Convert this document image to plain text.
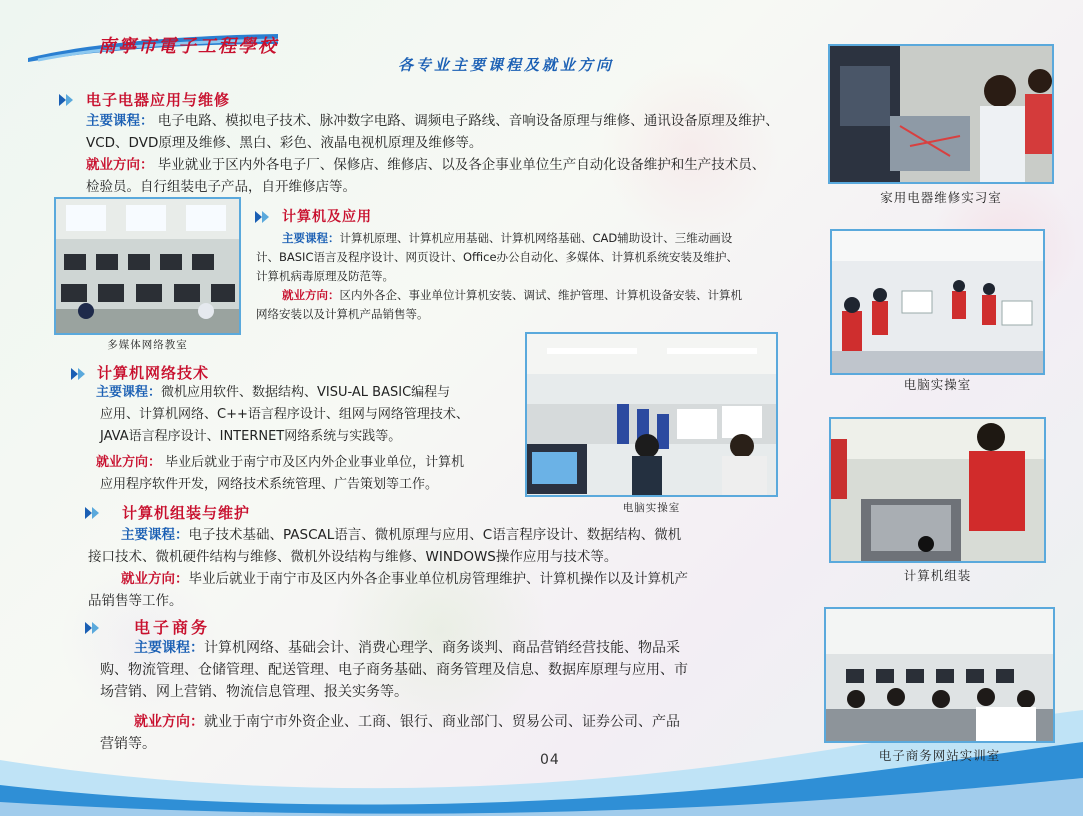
南寧市電子工程學校
各专业主要课程及就业方向
电子电器应用与维修
主要课程： 电子电路、模拟电子技术、脉冲数字电路、调频电子路线、音响设备原理与维修、通讯设备原理及维护、
VCD、DVD原理及维修、黑白、彩色、液晶电视机原理及维修等。
就业方向： 毕业就业于区内外各电子厂、保修店、维修店、以及各企事业单位生产自动化设备维护和生产技术员、
检验员。自行组装电子产品，自开维修店等。
多媒体网络教室
计算机及应用
主要课程：计算机原理、计算机应用基础、计算机网络基础、CAD辅助设计、三维动画设
计、BASIC语言及程序设计、网页设计、Office办公自动化、多媒体、计算机系统安装及维护、
计算机病毒原理及防范等。
就业方向：区内外各企、事业单位计算机安装、调试、维护管理、计算机设备安装、计算机
网络安装以及计算机产品销售等。
电脑实操室
计算机网络技术
主要课程：微机应用软件、数据结构、VISU-AL BASIC编程与
应用、计算机网络、C++语言程序设计、组网与网络管理技术、
JAVA语言程序设计、INTERNET网络系统与实践等。
就业方向： 毕业后就业于南宁市及区内外企业事业单位，计算机
应用程序软件开发，网络技术系统管理、广告策划等工作。
计算机组装与维护
主要课程：电子技术基础、PASCAL语言、微机原理与应用、C语言程序设计、数据结构、微机
接口技术、微机硬件结构与维修、微机外设结构与维修、WINDOWS操作应用与技术等。
就业方向：毕业后就业于南宁市及区内外各企事业单位机房管理维护、计算机操作以及计算机产
品销售等工作。
电子商务
主要课程：计算机网络、基础会计、消费心理学、商务谈判、商品营销经营技能、物品采
购、物流管理、仓储管理、配送管理、电子商务基础、商务管理及信息、数据库原理与应用、市
场营销、网上营销、物流信息管理、报关实务等。
就业方向：就业于南宁市外资企业、工商、银行、商业部门、贸易公司、证券公司、产品
营销等。
家用电器维修实习室
电脑实操室
计算机组装
电子商务网站实训室
04
